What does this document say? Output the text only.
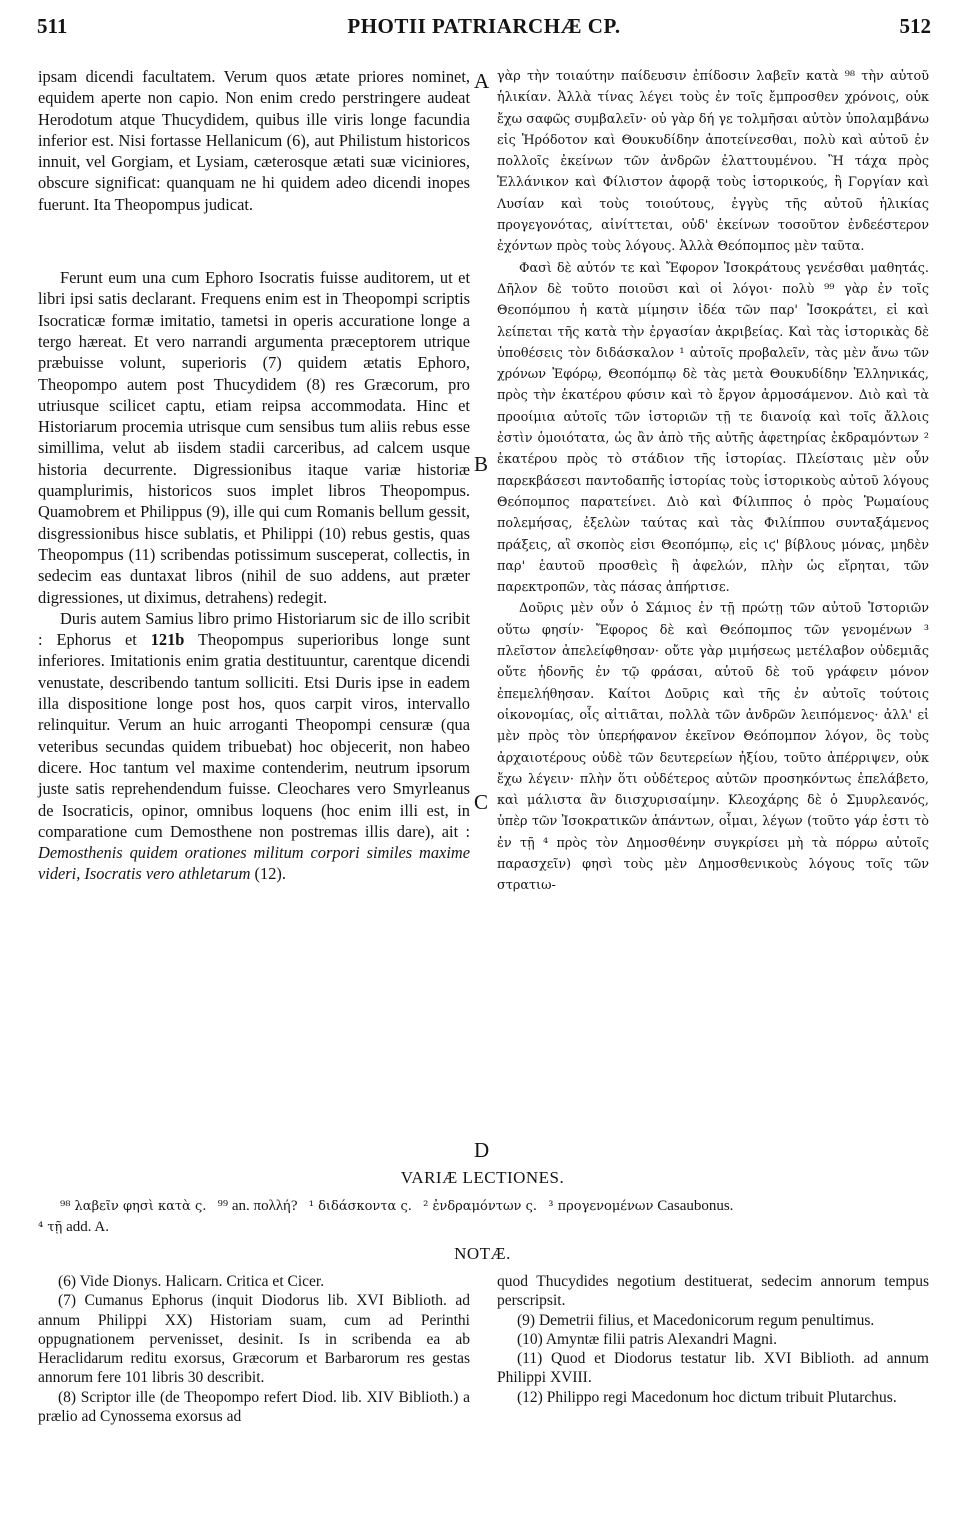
511	PHOTII PATRIARCHÆ CP.	512
A
B
C
D

ipsam dicendi facultatem. Verum quos ætate priores nominet, equidem aperte non capio. Non enim credo perstringere audeat Herodotum atque Thucydidem, quibus ille viris longe facundia inferior est. Nisi fortasse Hellanicum (6), aut Philistum historicos innuit, vel Gorgiam, et Lysiam, cæterosque ætati suæ viciniores, obscure significat: quanquam ne hi quidem adeo dicendi inopes fuerunt. Ita Theopompus judicat.

Ferunt eum una cum Ephoro Isocratis fuisse auditorem, ut et libri ipsi satis declarant. Frequens enim est in Theopompi scriptis Isocraticæ formæ imitatio, tametsi in operis accuratione longe a tergo hæreat. Et vero narrandi argumenta præceptorem utrique præbuisse volunt, superioris (7) quidem ætatis Ephoro, Theopompo autem post Thucydidem (8) res Græcorum, pro utriusque scilicet captu, etiam reipsa accommodata. Hinc et Historiarum procemia utrisque cum sensibus tum aliis rebus esse simillima, velut ab iisdem stadii carceribus, ad calcem usque historia decurrente. Digressionibus itaque variæ historiæ quamplurimis, historicos suos implet libros Theopompus. Quamobrem et Philippus (9), ille qui cum Romanis bellum gessit, disgressionibus hisce sublatis, et Philippi (10) rebus gestis, quas Theopompus (11) scribendas potissimum susceperat, collectis, in sedecim eas duntaxat libros (nihil de suo addens, aut præter digressiones, ut diximus, detrahens) redegit.

Duris autem Samius libro primo Historiarum sic de illo scribit : Ephorus et 121b Theopompus superioribus longe sunt inferiores. Imitationis enim gratia destituuntur, carentque dicendi venustate, describendo tantum solliciti. Etsi Duris ipse in eadem illa dispositione longe post hos, quos carpit viros, intervallo relinquitur. Verum an huic arroganti Theopompi censuræ (qua veteribus secundas quidem tribuebat) hoc objecerit, non habeo dicere. Hoc tantum vel maxime contenderim, neutrum ipsorum juste satis reprehendendum fuisse. Cleochares vero Smyrleanus de Isocraticis, opinor, omnibus loquens (hoc enim illi est, in comparatione cum Demosthene non postremas illis dare), ait : Demosthenis quidem orationes militum corpori similes maxime videri, Isocratis vero athletarum (12).

γὰρ τὴν τοιαύτην παίδευσιν ἐπίδοσιν λαβεῖν κατὰ ⁹⁸ τὴν αὐτοῦ ἡλικίαν. Ἀλλὰ τίνας λέγει τοὺς ἐν τοῖς ἔμπροσθεν χρόνοις, οὐκ ἔχω σαφῶς συμβαλεῖν· οὐ γὰρ δή γε τολμῆσαι αὐτὸν ὑπολαμβάνω εἰς Ἡρόδοτον καὶ Θουκυδίδην ἀποτείνεσθαι, πολὺ καὶ αὐτοῦ ἐν πολλοῖς ἐκείνων τῶν ἀνδρῶν ἐλαττουμένου. Ἢ τάχα πρὸς Ἑλλάνικον καὶ Φίλιστον ἀφορᾷ τοὺς ἱστορικούς, ἢ Γοργίαν καὶ Λυσίαν καὶ τοὺς τοιούτους, ἐγγὺς τῆς αὐτοῦ ἡλικίας προγεγονότας, αἰνίττεται, οὐδ' ἐκείνων τοσοῦτον ἐνδεέστερον ἐχόντων πρὸς τοὺς λόγους. Ἀλλὰ Θεόπομπος μὲν ταῦτα.

Φασὶ δὲ αὐτόν τε καὶ Ἔφορον Ἰσοκράτους γενέσθαι μαθητάς. Δῆλον δὲ τοῦτο ποιοῦσι καὶ οἱ λόγοι· πολὺ ⁹⁹ γὰρ ἐν τοῖς Θεοπόμπου ἡ κατὰ μίμησιν ἰδέα τῶν παρ' Ἰσοκράτει, εἰ καὶ λείπεται τῆς κατὰ τὴν ἐργασίαν ἀκριβείας. Καὶ τὰς ἱστορικὰς δὲ ὑποθέσεις τὸν διδάσκαλον ¹ αὐτοῖς προβαλεῖν, τὰς μὲν ἄνω τῶν χρόνων Ἐφόρῳ, Θεοπόμπῳ δὲ τὰς μετὰ Θουκυδίδην Ἑλληνικάς, πρὸς τὴν ἑκατέρου φύσιν καὶ τὸ ἔργον ἁρμοσάμενον. Διὸ καὶ τὰ προοίμια αὐτοῖς τῶν ἱστοριῶν τῇ τε διανοίᾳ καὶ τοῖς ἄλλοις ἐστὶν ὁμοιότατα, ὡς ἂν ἀπὸ τῆς αὐτῆς ἀφετηρίας ἐκδραμόντων ² ἑκατέρου πρὸς τὸ στάδιον τῆς ἱστορίας. Πλείσταις μὲν οὖν παρεκβάσεσι παντοδαπῆς ἱστορίας τοὺς ἱστορικοὺς αὐτοῦ λόγους Θεόπομπος παρατείνει. Διὸ καὶ Φίλιππος ὁ πρὸς Ῥωμαίους πολεμήσας, ἐξελὼν ταύτας καὶ τὰς Φιλίππου συνταξάμενος πράξεις, αἳ σκοπὸς εἰσι Θεοπόμπῳ, εἰς ιϛ' βίβλους μόνας, μηδὲν παρ' ἑαυτοῦ προσθεὶς ἢ ἀφελών, πλὴν ὡς εἴρηται, τῶν παρεκτροπῶν, τὰς πάσας ἀπήρτισε.

Δοῦρις μὲν οὖν ὁ Σάμιος ἐν τῇ πρώτῃ τῶν αὐτοῦ Ἱστοριῶν οὕτω φησίν· Ἔφορος δὲ καὶ Θεόπομπος τῶν γενομένων ³ πλεῖστον ἀπελείφθησαν· οὔτε γὰρ μιμήσεως μετέλαβον οὐδεμιᾶς οὔτε ἡδονῆς ἐν τῷ φράσαι, αὐτοῦ δὲ τοῦ γράφειν μόνον ἐπεμελήθησαν. Καίτοι Δοῦρις καὶ τῆς ἐν αὐτοῖς τούτοις οἰκονομίας, οἷς αἰτιᾶται, πολλὰ τῶν ἀνδρῶν λειπόμενος· ἀλλ' εἰ μὲν πρὸς τὸν ὑπερήφανον ἐκεῖνον Θεόπομπον λόγον, ὃς τοὺς ἀρχαιοτέρους οὐδὲ τῶν δευτερείων ἠξίου, τοῦτο ἀπέρριψεν, οὐκ ἔχω λέγειν· πλὴν ὅτι οὐδέτερος αὐτῶν προσηκόντως ἐπελάβετο, καὶ μάλιστα ἂν διισχυρισαίμην. Κλεοχάρης δὲ ὁ Σμυρλεανός, ὑπὲρ τῶν Ἰσοκρατικῶν ἁπάντων, οἶμαι, λέγων (τοῦτο γάρ ἐστι τὸ ἐν τῇ ⁴ πρὸς τὸν Δημοσθένην συγκρίσει μὴ τὰ πόρρω αὐτοῖς παρασχεῖν) φησὶ τοὺς μὲν Δημοσθενικοὺς λόγους τοῖς τῶν στρατιω-

VARIÆ LECTIONES.
⁹⁸ λαβεῖν φησὶ κατὰ ς. ⁹⁹ an. πολλή? ¹ διδάσκοντα ς. ² ἐνδραμόντων ς. ³ προγενομένων Casaubonus.
⁴ τῇ add. A.
NOTÆ.

(6) Vide Dionys. Halicarn. Critica et Cicer.

(7) Cumanus Ephorus (inquit Diodorus lib. XVI Biblioth. ad annum Philippi XX) Historiam suam, cum ad Perinthi oppugnationem pervenisset, desinit. Is in scribenda ea ab Heraclidarum reditu exorsus, Græcorum et Barbarorum res gestas annorum fere 101 libris 30 describit.

(8) Scriptor ille (de Theopompo refert Diod. lib. XIV Biblioth.) a prælio ad Cynossema exorsus ad

quod Thucydides negotium destituerat, sedecim annorum tempus perscripsit.

(9) Demetrii filius, et Macedonicorum regum penultimus.

(10) Amyntæ filii patris Alexandri Magni.

(11) Quod et Diodorus testatur lib. XVI Biblioth. ad annum Philippi XVIII.

(12) Philippo regi Macedonum hoc dictum tribuit Plutarchus.
